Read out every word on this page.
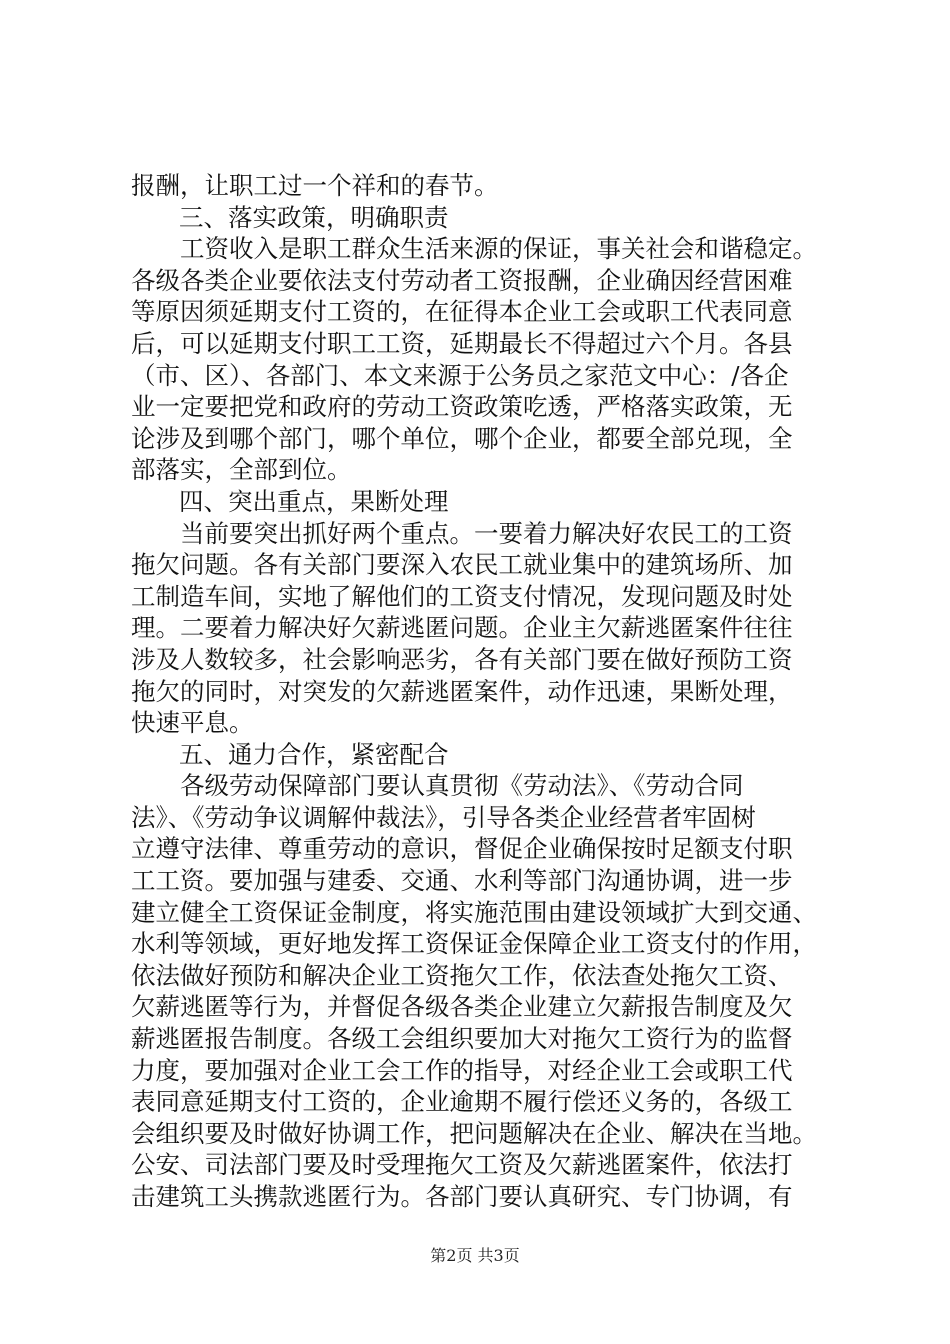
报酬，让职工过一个祥和的春节。
三、落实政策，明确职责
工资收入是职工群众生活来源的保证，事关社会和谐稳定。
各级各类企业要依法支付劳动者工资报酬，企业确因经营困难
等原因须延期支付工资的，在征得本企业工会或职工代表同意
后，可以延期支付职工工资，延期最长不得超过六个月。各县
（市、区）、各部门、本文来源于公务员之家范文中心：/各企
业一定要把党和政府的劳动工资政策吃透，严格落实政策，无
论涉及到哪个部门，哪个单位，哪个企业，都要全部兑现，全
部落实，全部到位。
四、突出重点，果断处理
当前要突出抓好两个重点。一要着力解决好农民工的工资
拖欠问题。各有关部门要深入农民工就业集中的建筑场所、加
工制造车间，实地了解他们的工资支付情况，发现问题及时处
理。二要着力解决好欠薪逃匿问题。企业主欠薪逃匿案件往往
涉及人数较多，社会影响恶劣，各有关部门要在做好预防工资
拖欠的同时，对突发的欠薪逃匿案件，动作迅速，果断处理，
快速平息。
五、通力合作，紧密配合
各级劳动保障部门要认真贯彻《劳动法》、《劳动合同
法》、《劳动争议调解仲裁法》，引导各类企业经营者牢固树
立遵守法律、尊重劳动的意识，督促企业确保按时足额支付职
工工资。要加强与建委、交通、水利等部门沟通协调，进一步
建立健全工资保证金制度，将实施范围由建设领域扩大到交通、
水利等领域，更好地发挥工资保证金保障企业工资支付的作用，
依法做好预防和解决企业工资拖欠工作，依法查处拖欠工资、
欠薪逃匿等行为，并督促各级各类企业建立欠薪报告制度及欠
薪逃匿报告制度。各级工会组织要加大对拖欠工资行为的监督
力度，要加强对企业工会工作的指导，对经企业工会或职工代
表同意延期支付工资的，企业逾期不履行偿还义务的，各级工
会组织要及时做好协调工作，把问题解决在企业、解决在当地。
公安、司法部门要及时受理拖欠工资及欠薪逃匿案件，依法打
击建筑工头携款逃匿行为。各部门要认真研究、专门协调，有
第2页 共3页
